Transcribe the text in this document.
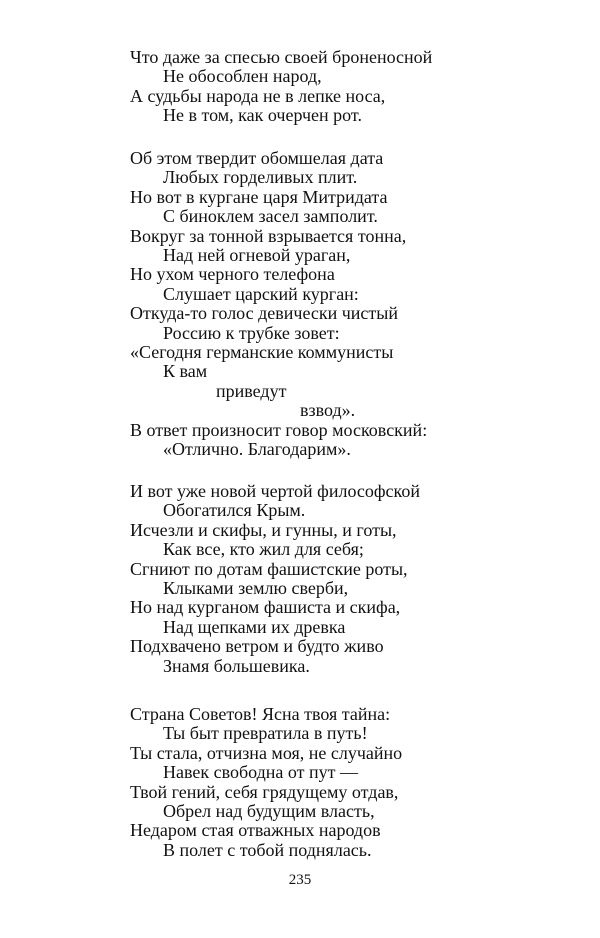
Что даже за спесью своей броненосной
Не обособлен народ,
А судьбы народа не в лепке носа,
Не в том, как очерчен рот.
Об этом твердит обомшелая дата
Любых горделивых плит.
Но вот в кургане царя Митридата
С биноклем засел замполит.
Вокруг за тонной взрывается тонна,
Над ней огневой ураган,
Но ухом черного телефона
Слушает царский курган:
Откуда-то голос девически чистый
Россию к трубке зовет:
«Сегодня германские коммунисты
К вам
приведут
взвод».
В ответ произносит говор московский:
«Отлично. Благодарим».
И вот уже новой чертой философской
Обогатился Крым.
Исчезли и скифы, и гунны, и готы,
Как все, кто жил для себя;
Сгниют по дотам фашистские роты,
Клыками землю сверби,
Но над курганом фашиста и скифа,
Над щепками их древка
Подхвачено ветром и будто живо
Знамя большевика.
Страна Советов! Ясна твоя тайна:
Ты быт превратила в путь!
Ты стала, отчизна моя, не случайно
Навек свободна от пут —
Твой гений, себя грядущему отдав,
Обрел над будущим власть,
Недаром стая отважных народов
В полет с тобой поднялась.
235
